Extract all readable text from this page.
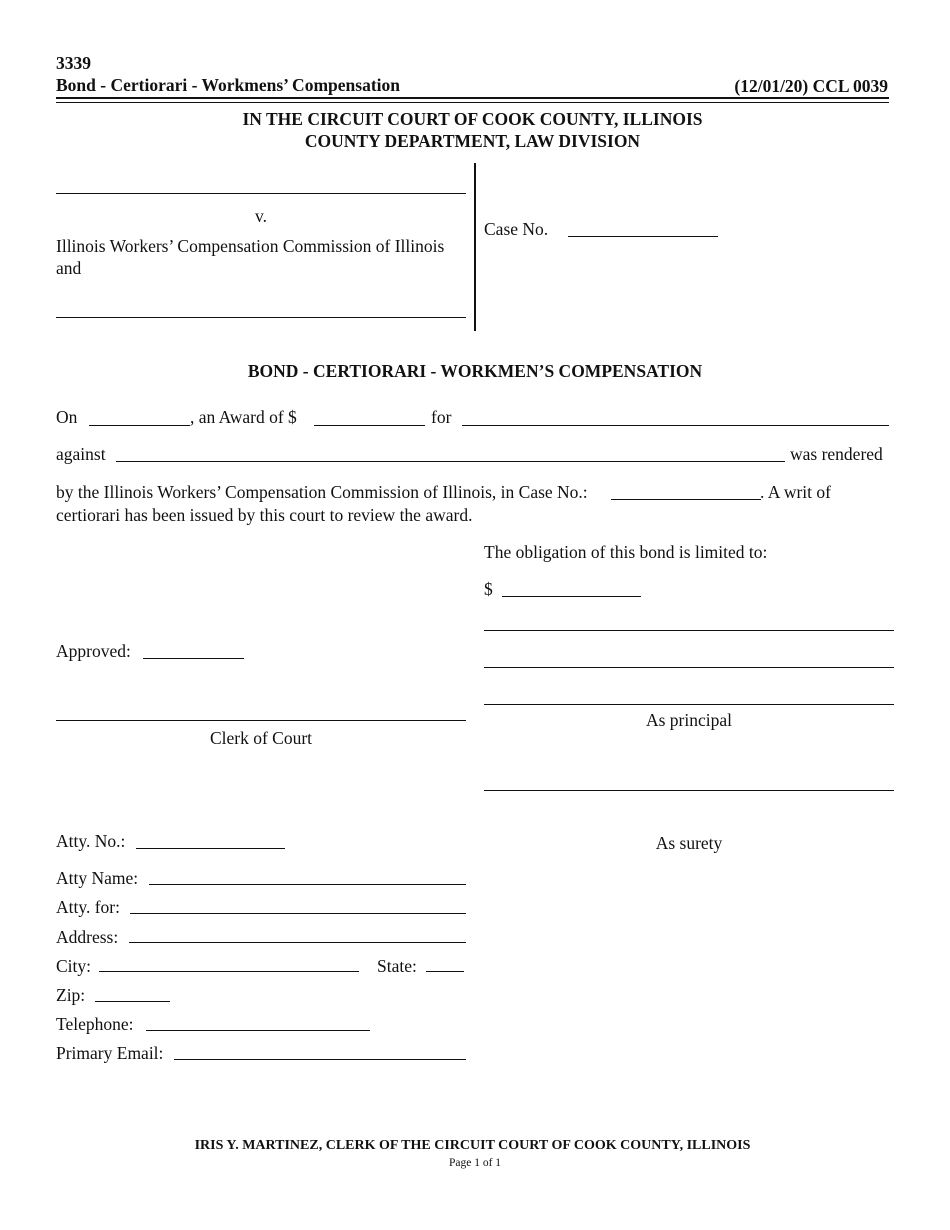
3339
Bond - Certiorari - Workmens’ Compensation	(12/01/20) CCL 0039
IN THE CIRCUIT COURT OF COOK COUNTY, ILLINOIS
COUNTY DEPARTMENT, LAW DIVISION
v.
Illinois Workers’ Compensation Commission of Illinois
and
Case No.
BOND - CERTIORARI - WORKMEN’S COMPENSATION
On	, an Award of $	for
against	was rendered
by the Illinois Workers’ Compensation Commission of Illinois, in Case No.:	. A writ of
certiorari has been issued by this court to review the award.
The obligation of this bond is limited to:
$
As principal
As surety
Approved:
Clerk of Court
Atty. No.:
Atty Name:
Atty. for:
Address:
City:	State:
Zip:
Telephone:
Primary Email:
IRIS Y. MARTINEZ, CLERK OF THE CIRCUIT COURT OF COOK COUNTY, ILLINOIS
Page 1 of 1
